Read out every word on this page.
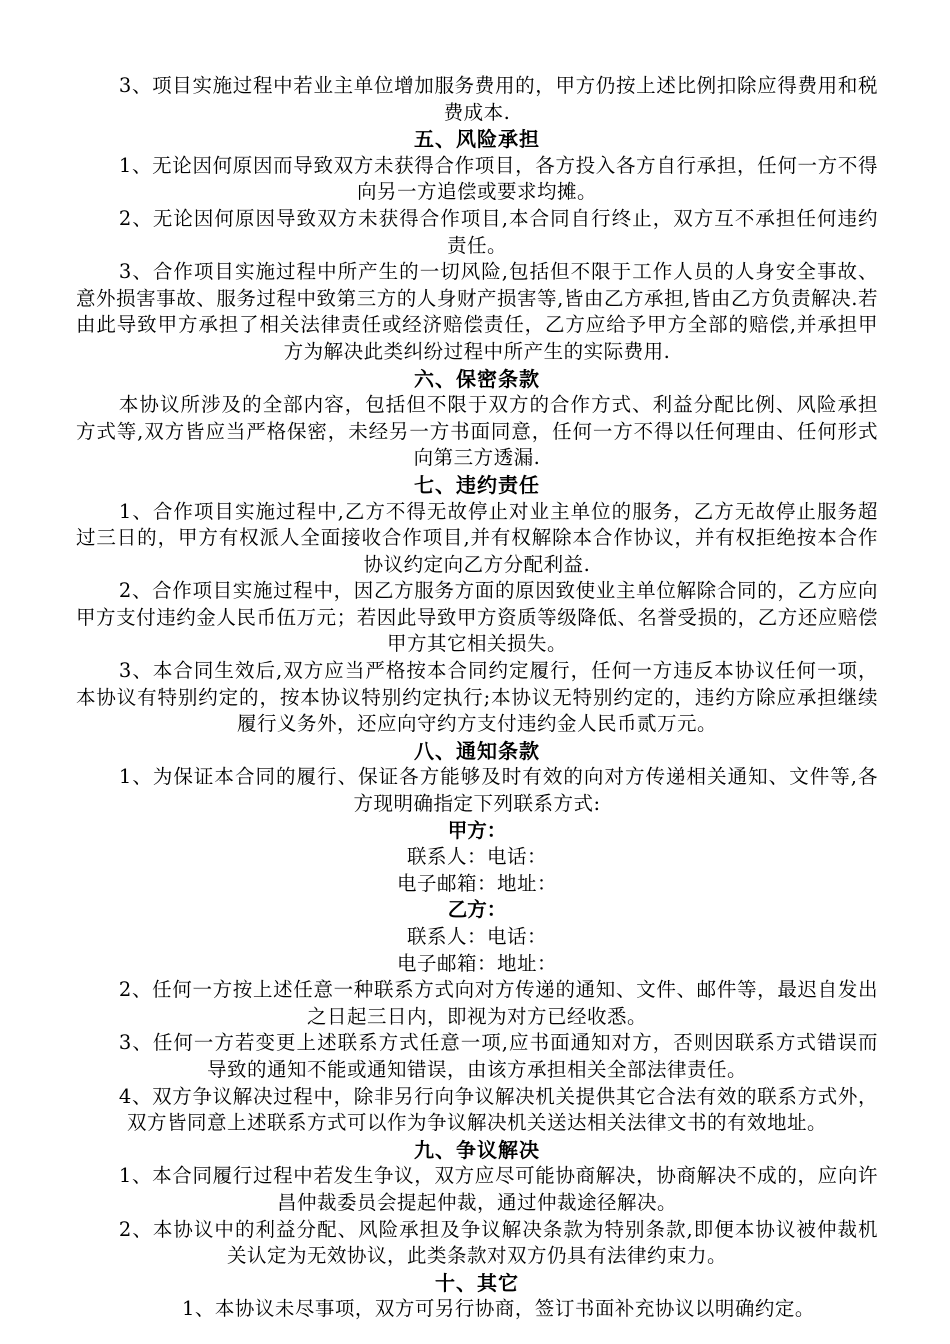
3、项目实施过程中若业主单位增加服务费用的，甲方仍按上述比例扣除应得费用和税费成本.

五、风险承担

1、无论因何原因而导致双方未获得合作项目，各方投入各方自行承担，任何一方不得向另一方追偿或要求均摊。

2、无论因何原因导致双方未获得合作项目,本合同自行终止，双方互不承担任何违约责任。

3、合作项目实施过程中所产生的一切风险,包括但不限于工作人员的人身安全事故、意外损害事故、服务过程中致第三方的人身财产损害等,皆由乙方承担,皆由乙方负责解决.若由此导致甲方承担了相关法律责任或经济赔偿责任，乙方应给予甲方全部的赔偿,并承担甲方为解决此类纠纷过程中所产生的实际费用.

六、保密条款

本协议所涉及的全部内容，包括但不限于双方的合作方式、利益分配比例、风险承担方式等,双方皆应当严格保密，未经另一方书面同意，任何一方不得以任何理由、任何形式向第三方透漏.

七、违约责任

1、合作项目实施过程中,乙方不得无故停止对业主单位的服务，乙方无故停止服务超过三日的，甲方有权派人全面接收合作项目,并有权解除本合作协议，并有权拒绝按本合作协议约定向乙方分配利益.

2、合作项目实施过程中，因乙方服务方面的原因致使业主单位解除合同的，乙方应向甲方支付违约金人民币伍万元；若因此导致甲方资质等级降低、名誉受损的，乙方还应赔偿甲方其它相关损失。

3、本合同生效后,双方应当严格按本合同约定履行，任何一方违反本协议任何一项，本协议有特别约定的，按本协议特别约定执行;本协议无特别约定的，违约方除应承担继续履行义务外，还应向守约方支付违约金人民币贰万元。

八、通知条款

1、为保证本合同的履行、保证各方能够及时有效的向对方传递相关通知、文件等,各方现明确指定下列联系方式:

甲方：

联系人：电话：

电子邮箱：地址：

乙方：

联系人：电话：

电子邮箱：地址：

2、任何一方按上述任意一种联系方式向对方传递的通知、文件、邮件等，最迟自发出之日起三日内，即视为对方已经收悉。

3、任何一方若变更上述联系方式任意一项,应书面通知对方，否则因联系方式错误而导致的通知不能或通知错误，由该方承担相关全部法律责任。

4、双方争议解决过程中，除非另行向争议解决机关提供其它合法有效的联系方式外，双方皆同意上述联系方式可以作为争议解决机关送达相关法律文书的有效地址。

九、争议解决

1、本合同履行过程中若发生争议，双方应尽可能协商解决，协商解决不成的，应向许昌仲裁委员会提起仲裁，通过仲裁途径解决。

2、本协议中的利益分配、风险承担及争议解决条款为特别条款,即便本协议被仲裁机关认定为无效协议，此类条款对双方仍具有法律约束力。

十、其它

1、本协议未尽事项，双方可另行协商，签订书面补充协议以明确约定。
